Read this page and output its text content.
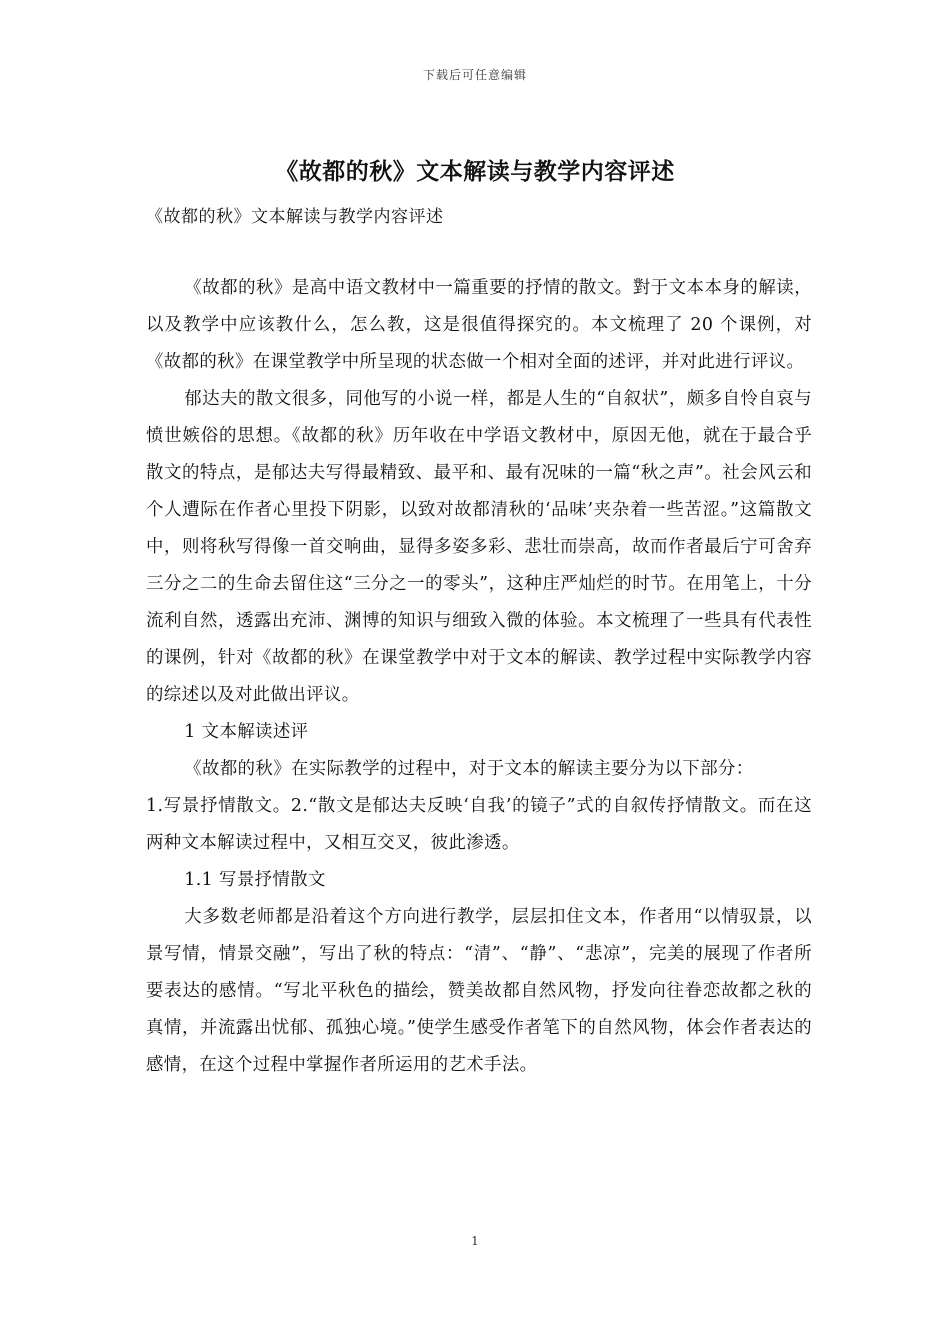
下载后可任意编辑
《故都的秋》文本解读与教学内容评述
《故都的秋》文本解读与教学内容评述

《故都的秋》是高中语文教材中一篇重要的抒情的散文。對于文本本身的解读，以及教学中应该教什么，怎么教，这是很值得探究的。本文梳理了 20 个课例，对《故都的秋》在课堂教学中所呈现的状态做一个相对全面的述评，并对此进行评议。

郁达夫的散文很多，同他写的小说一样，都是人生的“自叙状”，颇多自怜自哀与愤世嫉俗的思想。《故都的秋》历年收在中学语文教材中，原因无他，就在于最合乎散文的特点，是郁达夫写得最精致、最平和、最有况味的一篇“秋之声”。社会风云和个人遭际在作者心里投下阴影，以致对故都清秋的‘品味’夹杂着一些苦涩。”这篇散文中，则将秋写得像一首交响曲，显得多姿多彩、悲壮而崇高，故而作者最后宁可舍弃三分之二的生命去留住这“三分之一的零头”，这种庄严灿烂的时节。在用笔上，十分流利自然，透露出充沛、渊博的知识与细致入微的体验。本文梳理了一些具有代表性的课例，针对《故都的秋》在课堂教学中对于文本的解读、教学过程中实际教学内容的综述以及对此做出评议。

1 文本解读述评

《故都的秋》在实际教学的过程中，对于文本的解读主要分为以下部分：

1.写景抒情散文。2.“散文是郁达夫反映‘自我’的镜子”式的自叙传抒情散文。而在这两种文本解读过程中，又相互交叉，彼此渗透。

1.1 写景抒情散文

大多数老师都是沿着这个方向进行教学，层层扣住文本，作者用“以情驭景，以景写情，情景交融”，写出了秋的特点：“清”、“静”、“悲凉”，完美的展现了作者所要表达的感情。“写北平秋色的描绘，赞美故都自然风物，抒发向往眷恋故都之秋的真情，并流露出忧郁、孤独心境。”使学生感受作者笔下的自然风物，体会作者表达的感情，在这个过程中掌握作者所运用的艺术手法。

1
